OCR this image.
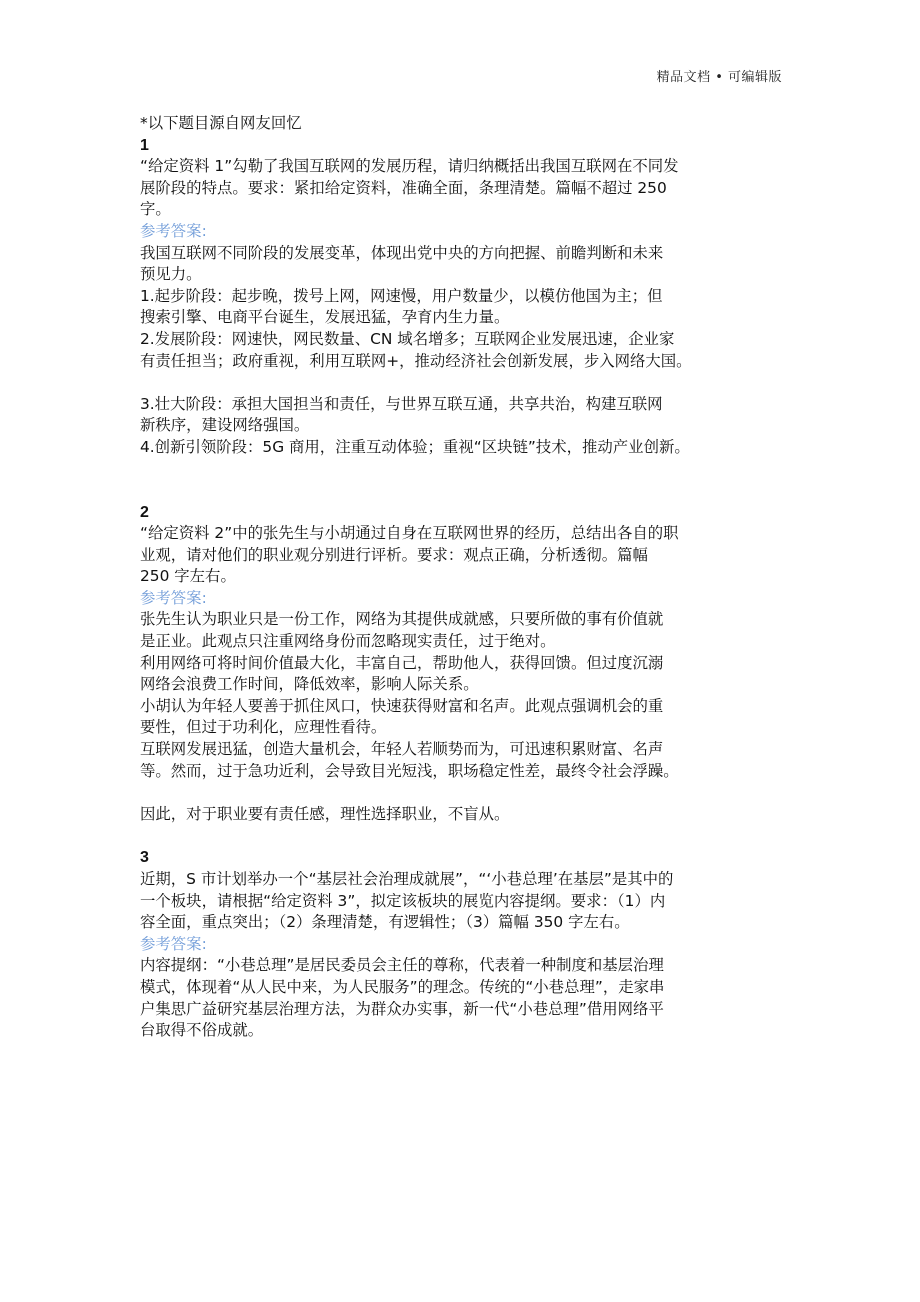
精品文档 • 可编辑版
*以下题目源自网友回忆
1
“给定资料 1”勾勒了我国互联网的发展历程，请归纳概括出我国互联网在不同发
展阶段的特点。要求：紧扣给定资料，准确全面，条理清楚。篇幅不超过 250
字。
参考答案:
我国互联网不同阶段的发展变革，体现出党中央的方向把握、前瞻判断和未来
预见力。
1.起步阶段：起步晚，拨号上网，网速慢，用户数量少，以模仿他国为主；但
搜索引擎、电商平台诞生，发展迅猛，孕育内生力量。
2.发展阶段：网速快，网民数量、CN 域名增多；互联网企业发展迅速，企业家
有责任担当；政府重视，利用互联网+，推动经济社会创新发展，步入网络大国。
3.壮大阶段：承担大国担当和责任，与世界互联互通，共享共治，构建互联网
新秩序，建设网络强国。
4.创新引领阶段：5G 商用，注重互动体验；重视“区块链”技术，推动产业创新。
2
“给定资料 2”中的张先生与小胡通过自身在互联网世界的经历，总结出各自的职
业观，请对他们的职业观分别进行评析。要求：观点正确，分析透彻。篇幅
250 字左右。
参考答案:
张先生认为职业只是一份工作，网络为其提供成就感，只要所做的事有价值就
是正业。此观点只注重网络身份而忽略现实责任，过于绝对。
利用网络可将时间价值最大化，丰富自己，帮助他人，获得回馈。但过度沉溺
网络会浪费工作时间，降低效率，影响人际关系。
小胡认为年轻人要善于抓住风口，快速获得财富和名声。此观点强调机会的重
要性，但过于功利化，应理性看待。
互联网发展迅猛，创造大量机会，年轻人若顺势而为，可迅速积累财富、名声
等。然而，过于急功近利，会导致目光短浅，职场稳定性差，最终令社会浮躁。
因此，对于职业要有责任感，理性选择职业，不盲从。
3
近期，S 市计划举办一个“基层社会治理成就展”，“‘小巷总理’在基层”是其中的
一个板块，请根据“给定资料 3”，拟定该板块的展览内容提纲。要求：（1）内
容全面，重点突出；（2）条理清楚，有逻辑性；（3）篇幅 350 字左右。
参考答案:
内容提纲：“小巷总理”是居民委员会主任的尊称，代表着一种制度和基层治理
模式，体现着“从人民中来，为人民服务”的理念。传统的“小巷总理”，走家串
户集思广益研究基层治理方法，为群众办实事，新一代“小巷总理”借用网络平
台取得不俗成就。
